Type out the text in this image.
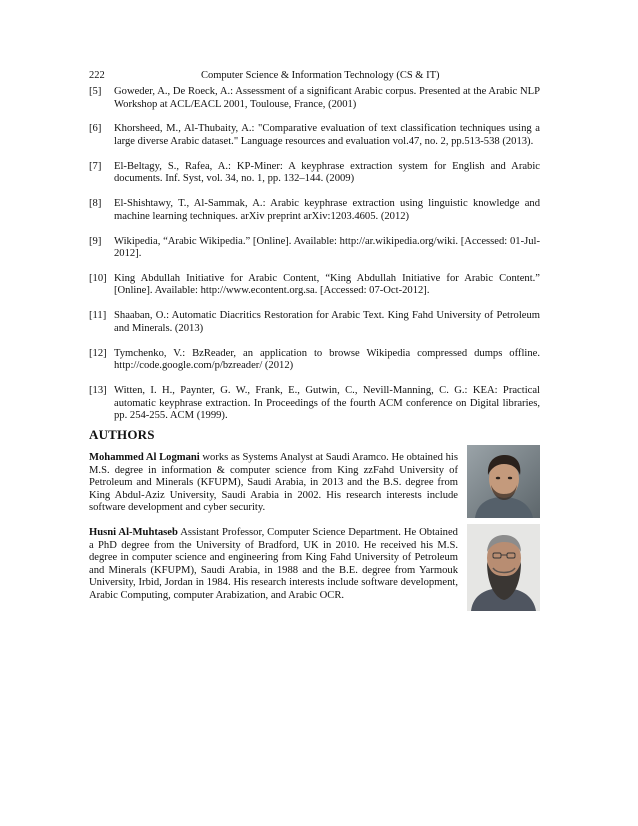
222	Computer Science & Information Technology (CS & IT)
[5] Goweder, A., De Roeck, A.: Assessment of a significant Arabic corpus. Presented at the Arabic NLP Workshop at ACL/EACL 2001, Toulouse, France, (2001)
[6] Khorsheed, M., Al-Thubaity, A.: "Comparative evaluation of text classification techniques using a large diverse Arabic dataset." Language resources and evaluation vol.47, no. 2, pp.513-538 (2013).
[7] El-Beltagy, S., Rafea, A.: KP-Miner: A keyphrase extraction system for English and Arabic documents. Inf. Syst, vol. 34, no. 1, pp. 132–144. (2009)
[8] El-Shishtawy, T., Al-Sammak, A.: Arabic keyphrase extraction using linguistic knowledge and machine learning techniques. arXiv preprint arXiv:1203.4605. (2012)
[9] Wikipedia, “Arabic Wikipedia.” [Online]. Available: http://ar.wikipedia.org/wiki. [Accessed: 01-Jul-2012].
[10] King Abdullah Initiative for Arabic Content, “King Abdullah Initiative for Arabic Content.” [Online]. Available: http://www.econtent.org.sa. [Accessed: 07-Oct-2012].
[11] Shaaban, O.: Automatic Diacritics Restoration for Arabic Text. King Fahd University of Petroleum and Minerals. (2013)
[12] Tymchenko, V.: BzReader, an application to browse Wikipedia compressed dumps offline. http://code.google.com/p/bzreader/ (2012)
[13] Witten, I. H., Paynter, G. W., Frank, E., Gutwin, C., Nevill-Manning, C. G.: KEA: Practical automatic keyphrase extraction. In Proceedings of the fourth ACM conference on Digital libraries, pp. 254-255. ACM (1999).
AUTHORS
Mohammed Al Logmani works as Systems Analyst at Saudi Aramco. He obtained his M.S. degree in information & computer science from King zzFahd University of Petroleum and Minerals (KFUPM), Saudi Arabia, in 2013 and the B.S. degree from King Abdul-Aziz University, Saudi Arabia in 2002. His research interests include software development and cyber security.
Husni Al-Muhtaseb Assistant Professor, Computer Science Department. He Obtained a PhD degree from the University of Bradford, UK in 2010. He received his M.S. degree in computer science and engineering from King Fahd University of Petroleum and Minerals (KFUPM), Saudi Arabia, in 1988 and the B.E. degree from Yarmouk University, Irbid, Jordan in 1984. His research interests include software development, Arabic Computing, computer Arabization, and Arabic OCR.
